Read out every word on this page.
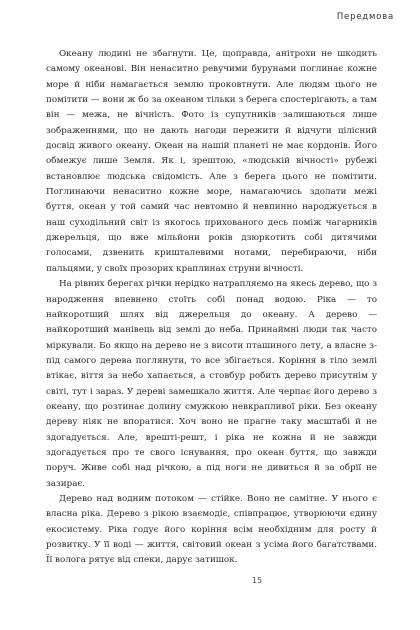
Передмова

Океану людині не збагнути. Це, щоправда, анітрохи не шкодить самому океанові. Він ненаситно ревучими бурунами поглинає кожне море й ніби намагається землю проковтнути. Але людям цього не помітити — вони ж бо за океаном тільки з берега спостерігають, а там він — межа, не вічність. Фото із супутників залишаються лише зображеннями, що не дають нагоди пережити й відчути цілісний досвід живого океану. Океан на нашій планеті не має кордонів. Його обмежує лише Земля. Як і, зрештою, «людській вічності» рубежі встановлює людська свідомість. Але з берега цього не помітити. Поглинаючи ненаситно кожне море, намагаючись здолати межі буття, океан у той самий час невтомно й невпинно народжується в наш суходільний світ із якогось прихованого десь поміж чагарників джерельця, що вже мільйони років дзюркотить собі дитячими голосами, дзвенить кришталевими нотами, перебираючи, ніби пальцями, у своїх прозорих краплинах струни вічності.

На рівних берегах річки нерідко натрапляємо на якесь дерево, що з народження впевнено стоїть собі понад водою. Ріка — то найкоротший шлях від джерельця до океану. А дерево — найкоротший манівець від землі до неба. Принаймні люди так часто міркували. Бо якщо на дерево не з висоти пташиного лету, а власне з-під самого дерева поглянути, то все збігається. Коріння в тіло землі втікає, віття за небо хапається, а стовбур робить дерево присутнім у світі, тут і зараз. У дереві замешкало життя. Але черпає його дерево з океану, що розтинає долину смужкою невкрапливої ріки. Без океану дереву ніяк не впоратися. Хоч воно не прагне таку масштабі й не здогадується. Але, врешті-решт, і ріка не кожна й не завжди здогадується про те свого існування, про океан буття, що завжди поруч. Живе собі над річкою, а під ноги не дивиться й за обрії не зазирає.

Дерево над водним потоком — стійке. Воно не самітне. У нього є власна ріка. Дерево з рікою взаємодіє, співпрацює, утворюючи єдину екосистему. Ріка годує його коріння всім необхідним для росту й розвитку. У її воді — життя, світовий океан з усіма його багатствами. Її волога рятує від спеки, дарує затишок.

15
